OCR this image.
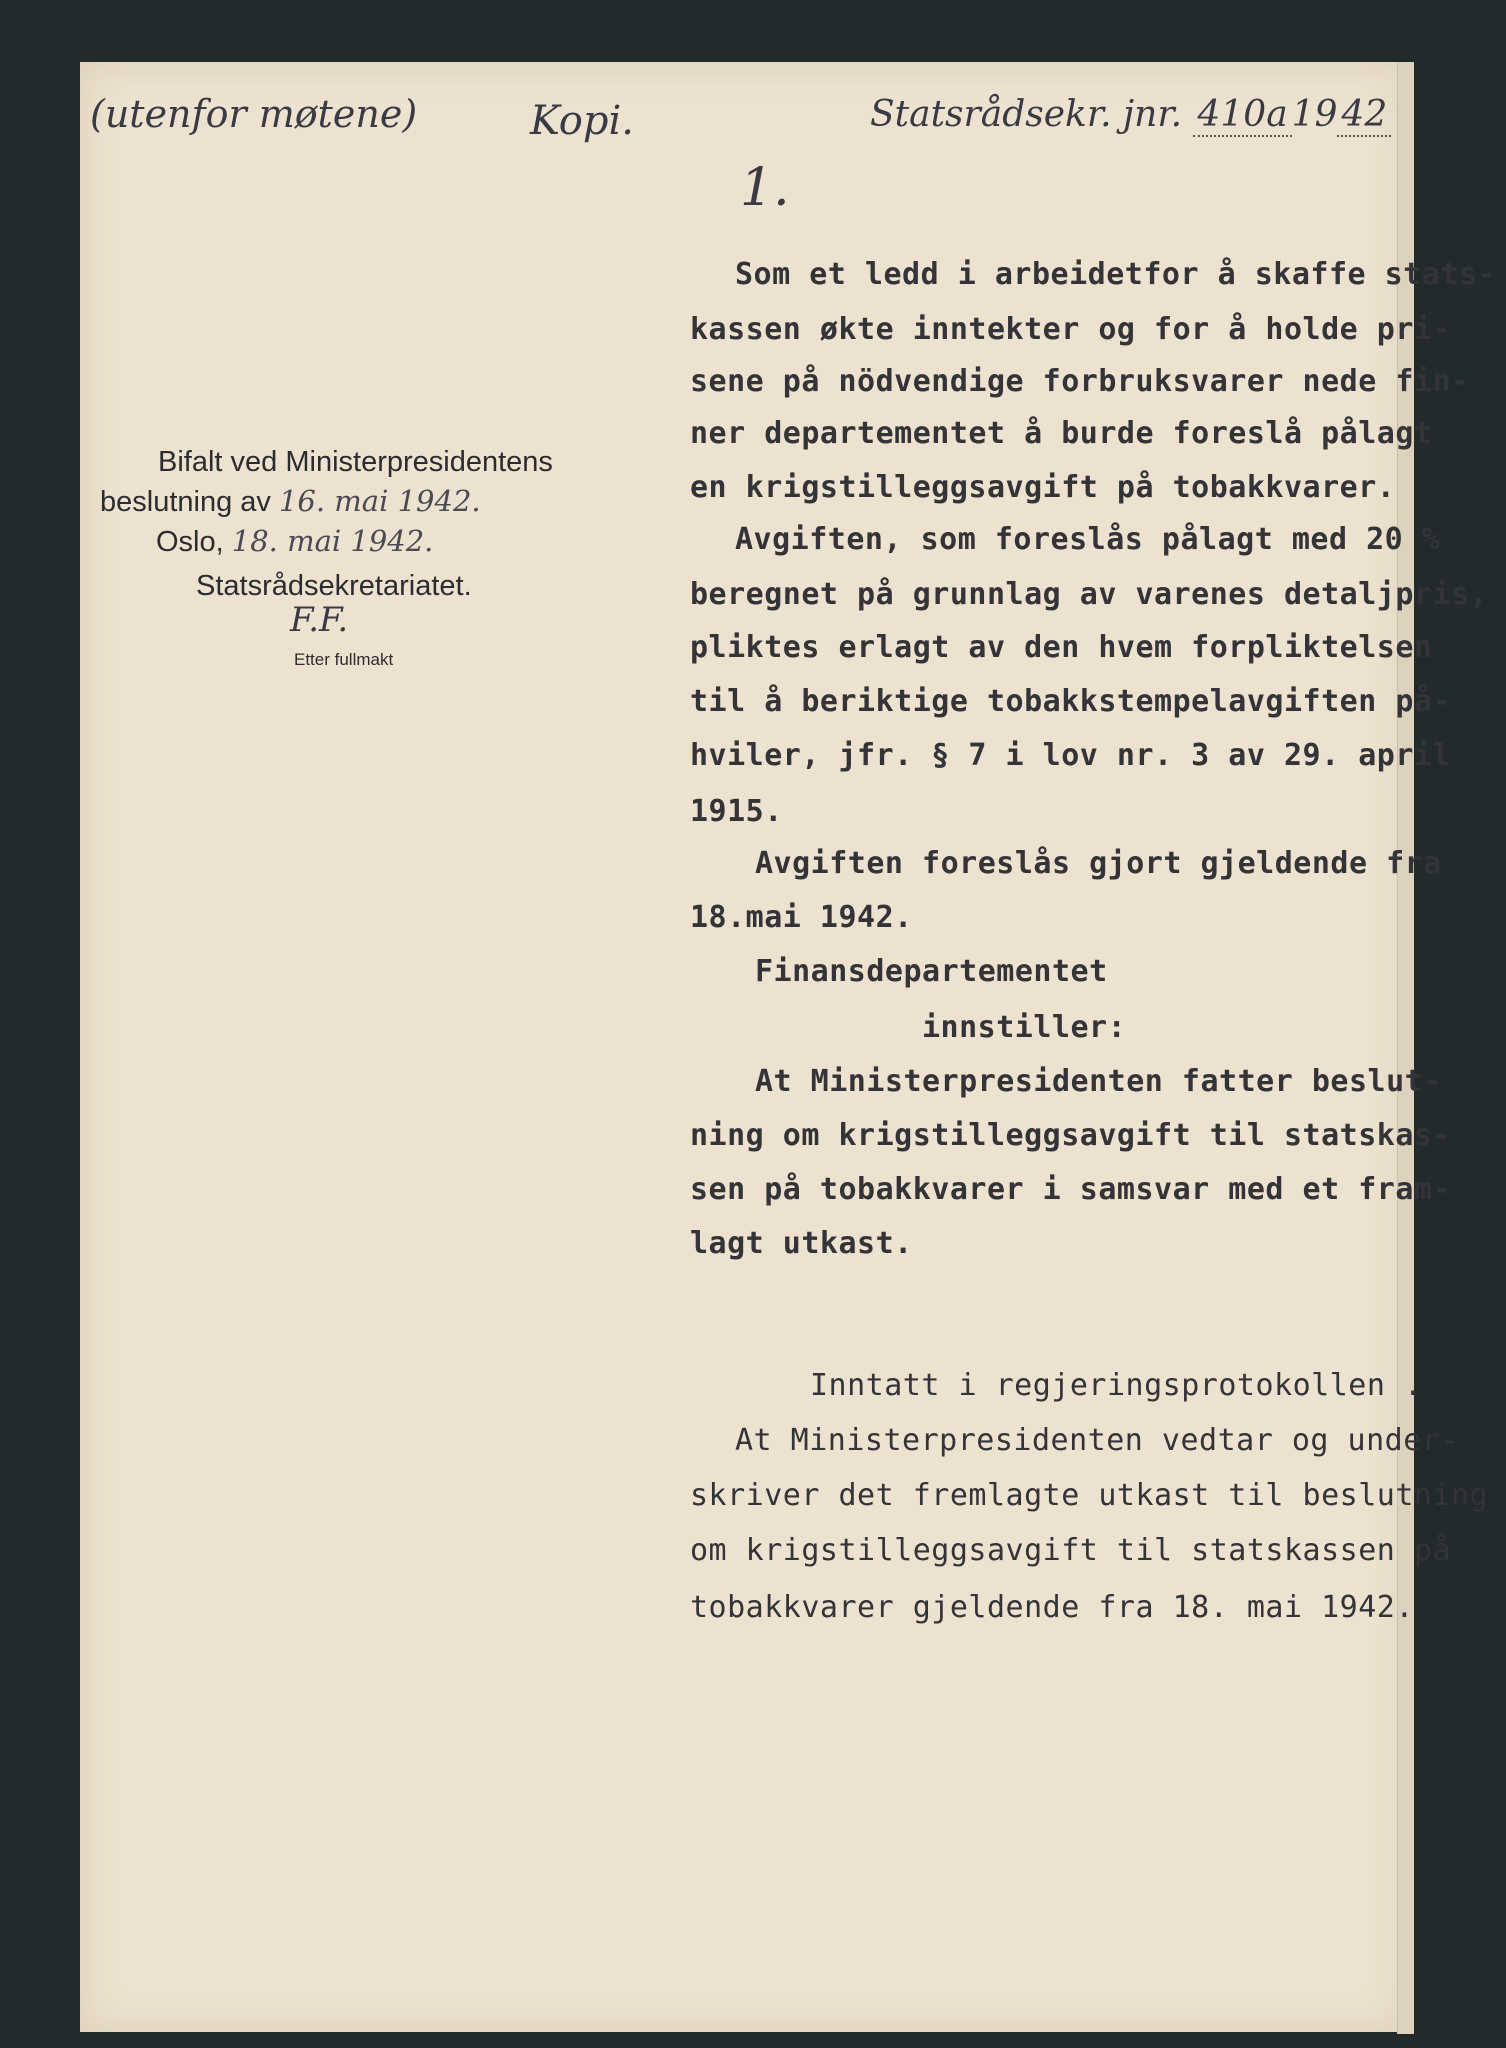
(utenfor møtene)	Kopi.	Statsrådsekr. jnr. 410a 19 42
1.
Bifalt ved Ministerpresidentens
beslutning av 16. mai 1942.
Oslo, 18. mai 1942.
Statsrådsekretariatet.
F.F.
Etter fullmakt
Som et ledd i arbeidetfor å skaffe stats-
kassen økte inntekter og for å holde pri-
sene på nödvendige forbruksvarer nede fin-
ner departementet å burde foreslå pålagt
en krigstilleggsavgift på tobakkvarer.
Avgiften, som foreslås pålagt med 20 %
beregnet på grunnlag av varenes detaljpris,
pliktes erlagt av den hvem forpliktelsen
til å beriktige tobakkstempelavgiften på-
hviler, jfr. § 7 i lov nr. 3 av 29. april
1915.
Avgiften foreslås gjort gjeldende fra
18.mai 1942.
Finansdepartementet
innstiller:
At Ministerpresidenten fatter beslut-
ning om krigstilleggsavgift til statskas-
sen på tobakkvarer i samsvar med et fram-
lagt utkast.
Inntatt i regjeringsprotokollen .
At Ministerpresidenten vedtar og under-
skriver det fremlagte utkast til beslutning
om krigstilleggsavgift til statskassen på
tobakkvarer gjeldende fra 18. mai 1942.
